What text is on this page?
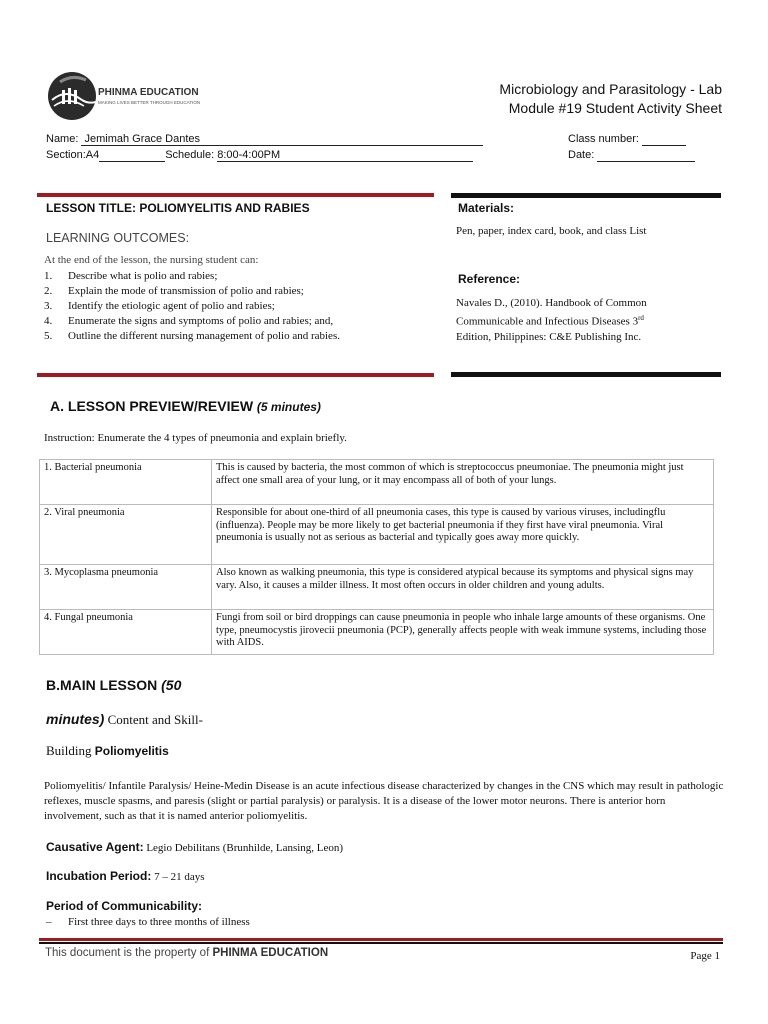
PHINMA EDUCATION
MAKING LIVES BETTER THROUGH EDUCATION
Microbiology and Parasitology - Lab
Module #19 Student Activity Sheet
Name: Jemimah Grace Dantes
Section:A4	Schedule: 8:00-4:00PM
Class number:
Date:
LESSON TITLE: POLIOMYELITIS AND RABIES
LEARNING OUTCOMES:
At the end of the lesson, the nursing student can:
1.	Describe what is polio and rabies;
2.	Explain the mode of transmission of polio and rabies;
3.	Identify the etiologic agent of polio and rabies;
4.	Enumerate the signs and symptoms of polio and rabies; and,
5.	Outline the different nursing management of polio and rabies.
Materials:
Pen, paper, index card, book, and class List
Reference:
Navales D., (2010). Handbook of Common
Communicable and Infectious Diseases 3rd
Edition, Philippines: C&E Publishing Inc.
A. LESSON PREVIEW/REVIEW (5 minutes)
Instruction: Enumerate the 4 types of pneumonia and explain briefly.
1. Bacterial pneumonia	This is caused by bacteria, the most common of which is streptococcus pneumoniae. The pneumonia might just affect one small area of your lung, or it may encompass all of both of your lungs.
2. Viral pneumonia	Responsible for about one-third of all pneumonia cases, this type is caused by various viruses, includingflu (influenza). People may be more likely to get bacterial pneumonia if they first have viral pneumonia. Viral pneumonia is usually not as serious as bacterial and typically goes away more quickly.
3. Mycoplasma pneumonia	Also known as walking pneumonia, this type is considered atypical because its symptoms and physical signs may vary. Also, it causes a milder illness. It most often occurs in older children and young adults.
4. Fungal pneumonia	Fungi from soil or bird droppings can cause pneumonia in people who inhale large amounts of these organisms. One type, pneumocystis jirovecii pneumonia (PCP), generally affects people with weak immune systems, including those with AIDS.
B.MAIN LESSON (50
minutes) Content and Skill-
Building Poliomyelitis
Poliomyelitis/ Infantile Paralysis/ Heine-Medin Disease is an acute infectious disease characterized by changes in the CNS which may result in pathologic reflexes, muscle spasms, and paresis (slight or partial paralysis) or paralysis. It is a disease of the lower motor neurons. There is anterior horn involvement, such as that it is named anterior poliomyelitis.
Causative Agent: Legio Debilitans (Brunhilde, Lansing, Leon)
Incubation Period: 7 – 21 days
Period of Communicability:
–	First three days to three months of illness
This document is the property of PHINMA EDUCATION	Page 1
